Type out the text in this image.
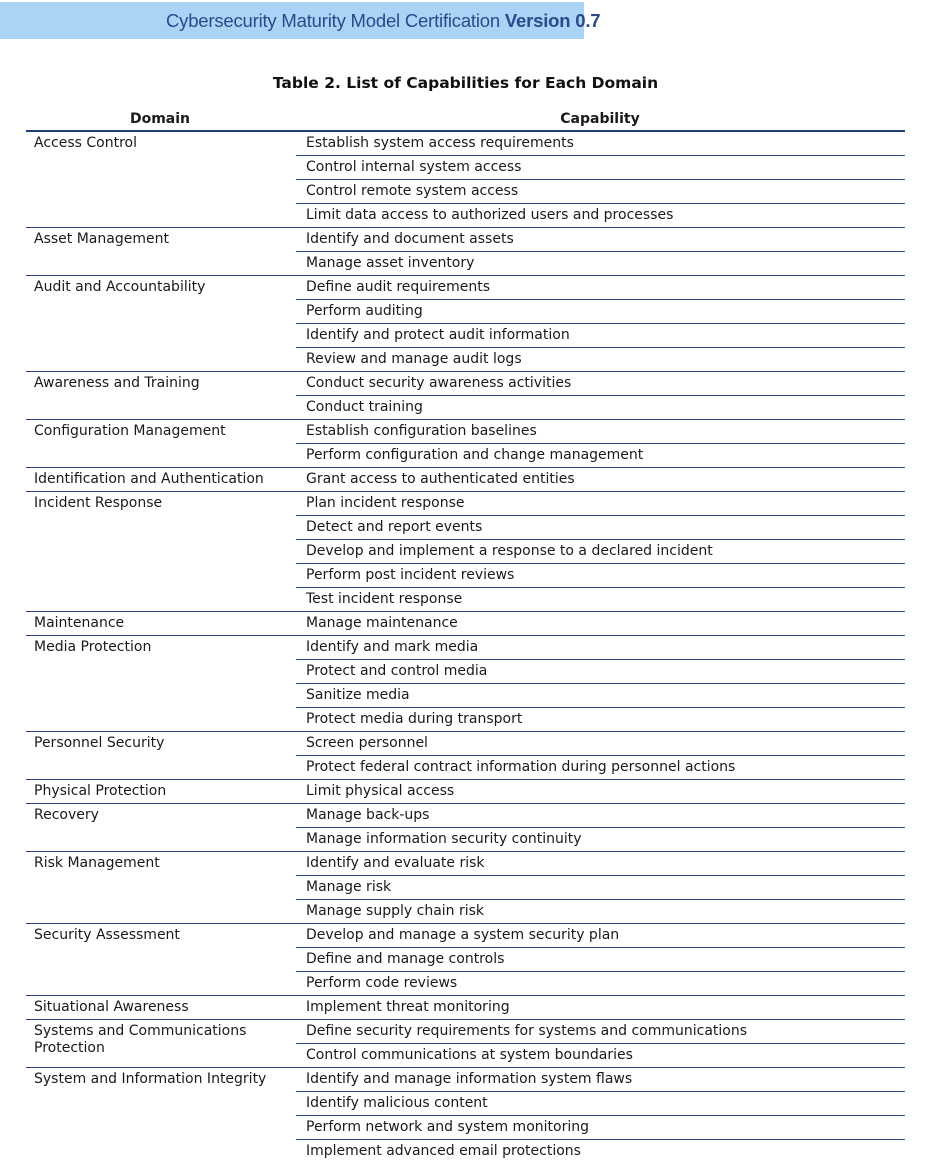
Cybersecurity Maturity Model Certification Version 0.7
Table 2. List of Capabilities for Each Domain
Domain	Capability
Access Control	Establish system access requirements
	Control internal system access
	Control remote system access
	Limit data access to authorized users and processes
Asset Management	Identify and document assets
	Manage asset inventory
Audit and Accountability	Define audit requirements
	Perform auditing
	Identify and protect audit information
	Review and manage audit logs
Awareness and Training	Conduct security awareness activities
	Conduct training
Configuration Management	Establish configuration baselines
	Perform configuration and change management
Identification and Authentication	Grant access to authenticated entities
Incident Response	Plan incident response
	Detect and report events
	Develop and implement a response to a declared incident
	Perform post incident reviews
	Test incident response
Maintenance	Manage maintenance
Media Protection	Identify and mark media
	Protect and control media
	Sanitize media
	Protect media during transport
Personnel Security	Screen personnel
	Protect federal contract information during personnel actions
Physical Protection	Limit physical access
Recovery	Manage back-ups
	Manage information security continuity
Risk Management	Identify and evaluate risk
	Manage risk
	Manage supply chain risk
Security Assessment	Develop and manage a system security plan
	Define and manage controls
	Perform code reviews
Situational Awareness	Implement threat monitoring
Systems and Communications Protection	Define security requirements for systems and communications
	Control communications at system boundaries
System and Information Integrity	Identify and manage information system flaws
	Identify malicious content
	Perform network and system monitoring
	Implement advanced email protections
